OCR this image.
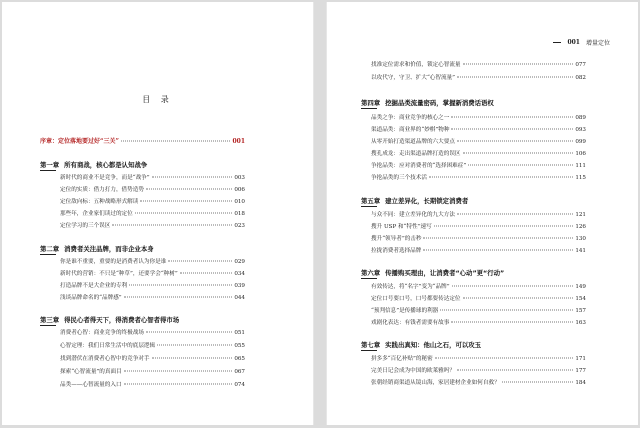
目 录
序章：定位落地要过好“三关”	001
第一章 所有商战，核心都是认知战争
新时代的商业不是竞争，而是“战争”	003
定位的实质：借力打力，借势造势	006
定位敌向标：五种战略形式解读	010
那些年，企业家们读过的定位	018
定位学习的三个误区	023
第二章 消费者关注品牌，而非企业本身
你是谁不重要，重要的是消费者认为你是谁	029
新时代的营销：不只是“种草”，还要学会“种树”	034
打造品牌不是大企业的专利	039
浅谈品牌命名的“品牌感”	044
第三章 得民心者得天下，得消费者心智者得市场
消费者心智：商业竞争的终极战场	051
心智定理：我们日常生活中的底层逻辑	055
找到潜伏在消费者心智中的竞争对手	065
探索“心智流量”的真面目	067
品类——心智流量的入口	074
001 增量定位
找准定位需求和价值，锁定心智流量	077
以攻代守，守卫、扩大“心智流量”	082
第四章 挖掘品类流量密码，掌握新消费话语权
品类之争：商业竞争的核心之一	089
渠道品类：商业界的“妙棋”物种	093
从零开始打造渠道品牌的六大要点	099
搜孔成龙：走出渠道品牌打造的误区	106
争抢品类：应对消费者的“选择困难症”	111
争抢品类的三个技术活	115
第五章 建立差异化，长期锁定消费者
与众不同：建立差异化的九大方法	121
搜升 USP 和“特性”速写	126
搜升“领导者”的击秒	130
拉拢消费者选择品牌	141
第六章 传播购买理由，让消费者“心动”更“行动”
有效传达，将“名字”变为“品牌”	149
定位口号要口号，口号都要传达定位	154
“预判信息”是传播球的利器	157
戏剧化表达：有钱者需要有故事	163
第七章 实践出真知：他山之石，可以攻玉
拼多多“百亿补贴”的秘密	171
完美日记会成为中国的欧莱雅吗？	177
张朝经销商渠道从镜山海，家居建材企业如何自救？	184
